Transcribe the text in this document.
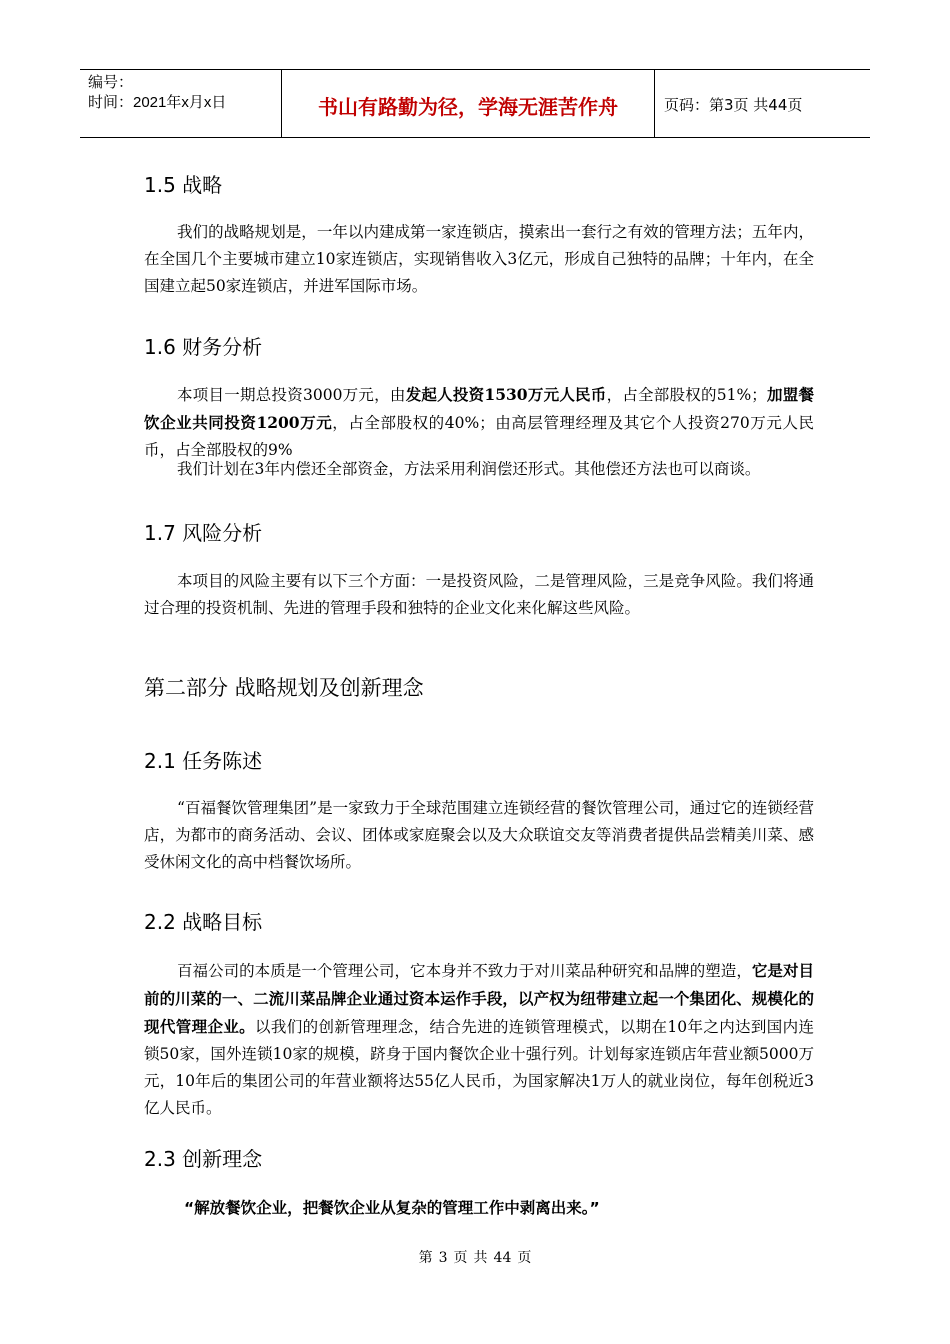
编号：
时间：2021年x月x日	书山有路勤为径，学海无涯苦作舟	页码：第3页 共44页
1.5 战略
我们的战略规划是，一年以内建成第一家连锁店，摸索出一套行之有效的管理方法；五年内，在全国几个主要城市建立10家连锁店，实现销售收入3亿元，形成自己独特的品牌；十年内，在全国建立起50家连锁店，并进军国际市场。
1.6 财务分析
本项目一期总投资3000万元，由发起人投资1530万元人民币，占全部股权的51%；加盟餐饮企业共同投资1200万元，占全部股权的40%；由高层管理经理及其它个人投资270万元人民币，占全部股权的9%
我们计划在3年内偿还全部资金，方法采用利润偿还形式。其他偿还方法也可以商谈。
1.7 风险分析
本项目的风险主要有以下三个方面：一是投资风险，二是管理风险，三是竞争风险。我们将通过合理的投资机制、先进的管理手段和独特的企业文化来化解这些风险。
第二部分 战略规划及创新理念
2.1 任务陈述
“百福餐饮管理集团”是一家致力于全球范围建立连锁经营的餐饮管理公司，通过它的连锁经营店，为都市的商务活动、会议、团体或家庭聚会以及大众联谊交友等消费者提供品尝精美川菜、感受休闲文化的高中档餐饮场所。
2.2 战略目标
百福公司的本质是一个管理公司，它本身并不致力于对川菜品种研究和品牌的塑造，它是对目前的川菜的一、二流川菜品牌企业通过资本运作手段，以产权为纽带建立起一个集团化、规模化的现代管理企业。以我们的创新管理理念，结合先进的连锁管理模式，以期在10年之内达到国内连锁50家，国外连锁10家的规模，跻身于国内餐饮企业十强行列。计划每家连锁店年营业额5000万元，10年后的集团公司的年营业额将达55亿人民币，为国家解决1万人的就业岗位，每年创税近3亿人民币。
2.3 创新理念
“解放餐饮企业，把餐饮企业从复杂的管理工作中剥离出来。”
第 3 页 共 44 页
